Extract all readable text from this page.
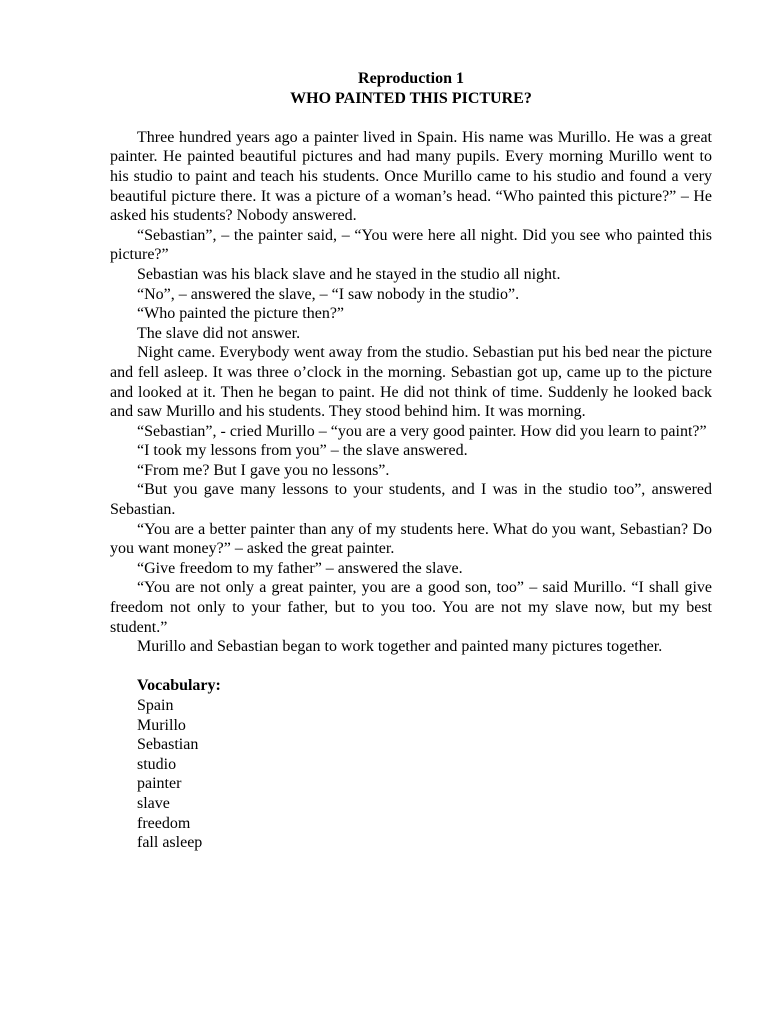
Reproduction 1

WHO PAINTED THIS PICTURE?

Three hundred years ago a painter lived in Spain. His name was Murillo. He was a great painter. He painted beautiful pictures and had many pupils. Every morning Murillo went to his studio to paint and teach his students. Once Murillo came to his studio and found a very beautiful picture there. It was a picture of a woman’s head. “Who painted this picture?” – He asked his students? Nobody answered.

“Sebastian”, – the painter said, – “You were here all night. Did you see who painted this picture?”

Sebastian was his black slave and he stayed in the studio all night.

“No”, – answered the slave, – “I saw nobody in the studio”.

“Who painted the picture then?”

The slave did not answer.

Night came. Everybody went away from the studio. Sebastian put his bed near the picture and fell asleep. It was three o’clock in the morning. Sebastian got up, came up to the picture and looked at it. Then he began to paint. He did not think of time. Suddenly he looked back and saw Murillo and his students. They stood behind him. It was morning.

“Sebastian”, - cried Murillo – “you are a very good painter. How did you learn to paint?”

“I took my lessons from you” – the slave answered.

“From me? But I gave you no lessons”.

“But you gave many lessons to your students, and I was in the studio too”, answered Sebastian.

“You are a better painter than any of my students here. What do you want, Sebastian? Do you want money?” – asked the great painter.

“Give freedom to my father” – answered the slave.

“You are not only a great painter, you are a good son, too” – said Murillo. “I shall give freedom not only to your father, but to you too. You are not my slave now, but my best student.”

Murillo and Sebastian began to work together and painted many pictures together.

Vocabulary:

Spain
Murillo
Sebastian
studio
painter
slave
freedom
fall asleep
